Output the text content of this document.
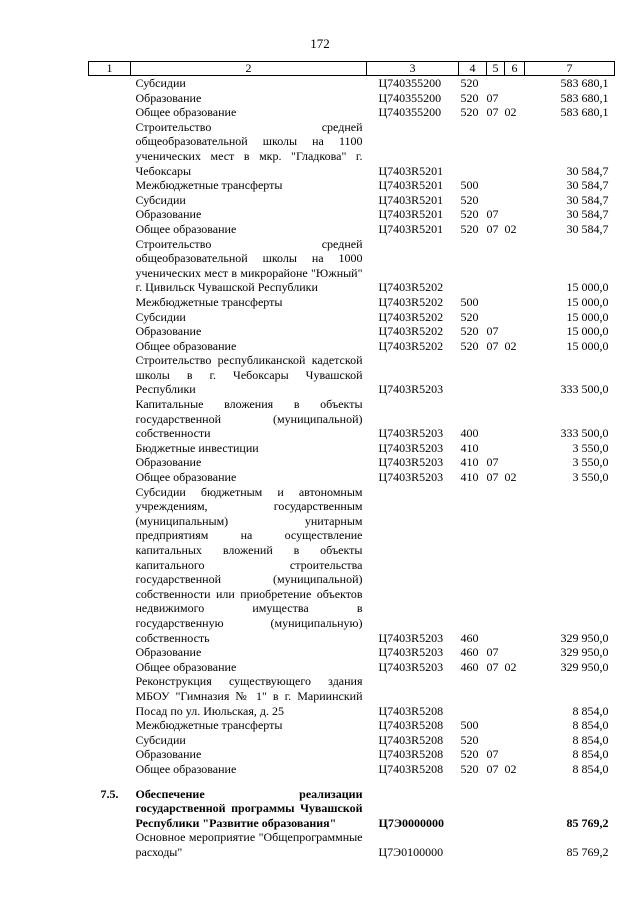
172
1	2	3	4	5	6	7
	Субсидии	Ц740355200	520			583 680,1
	Образование	Ц740355200	520	07		583 680,1
	Общее образование	Ц740355200	520	07	02	583 680,1
	Строительство средней общеобразовательной школы на 1100 ученических мест в мкр. "Гладкова" г. Чебоксары	Ц7403R5201				30 584,7
	Межбюджетные трансферты	Ц7403R5201	500			30 584,7
	Субсидии	Ц7403R5201	520			30 584,7
	Образование	Ц7403R5201	520	07		30 584,7
	Общее образование	Ц7403R5201	520	07	02	30 584,7
	Строительство средней общеобразовательной школы на 1000 ученических мест в микрорайоне "Южный" г. Цивильск Чувашской Республики	Ц7403R5202				15 000,0
	Межбюджетные трансферты	Ц7403R5202	500			15 000,0
	Субсидии	Ц7403R5202	520			15 000,0
	Образование	Ц7403R5202	520	07		15 000,0
	Общее образование	Ц7403R5202	520	07	02	15 000,0
	Строительство республиканской кадетской школы в г. Чебоксары Чувашской Республики	Ц7403R5203				333 500,0
	Капитальные вложения в объекты государственной (муниципальной) собственности	Ц7403R5203	400			333 500,0
	Бюджетные инвестиции	Ц7403R5203	410			3 550,0
	Образование	Ц7403R5203	410	07		3 550,0
	Общее образование	Ц7403R5203	410	07	02	3 550,0
	Субсидии бюджетным и автономным учреждениям, государственным (муниципальным) унитарным предприятиям на осуществление капитальных вложений в объекты капитального строительства государственной (муниципальной) собственности или приобретение объектов недвижимого имущества в государственную (муниципальную) собственность	Ц7403R5203	460			329 950,0
	Образование	Ц7403R5203	460	07		329 950,0
	Общее образование	Ц7403R5203	460	07	02	329 950,0
	Реконструкция существующего здания МБОУ "Гимназия № 1" в г. Мариинский Посад по ул. Июльская, д. 25	Ц7403R5208				8 854,0
	Межбюджетные трансферты	Ц7403R5208	500			8 854,0
	Субсидии	Ц7403R5208	520			8 854,0
	Образование	Ц7403R5208	520	07		8 854,0
	Общее образование	Ц7403R5208	520	07	02	8 854,0

7.5.	Обеспечение реализации государственной программы Чувашской Республики "Развитие образования"	Ц7Э0000000				85 769,2
	Основное мероприятие "Общепрограммные расходы"	Ц7Э0100000				85 769,2
